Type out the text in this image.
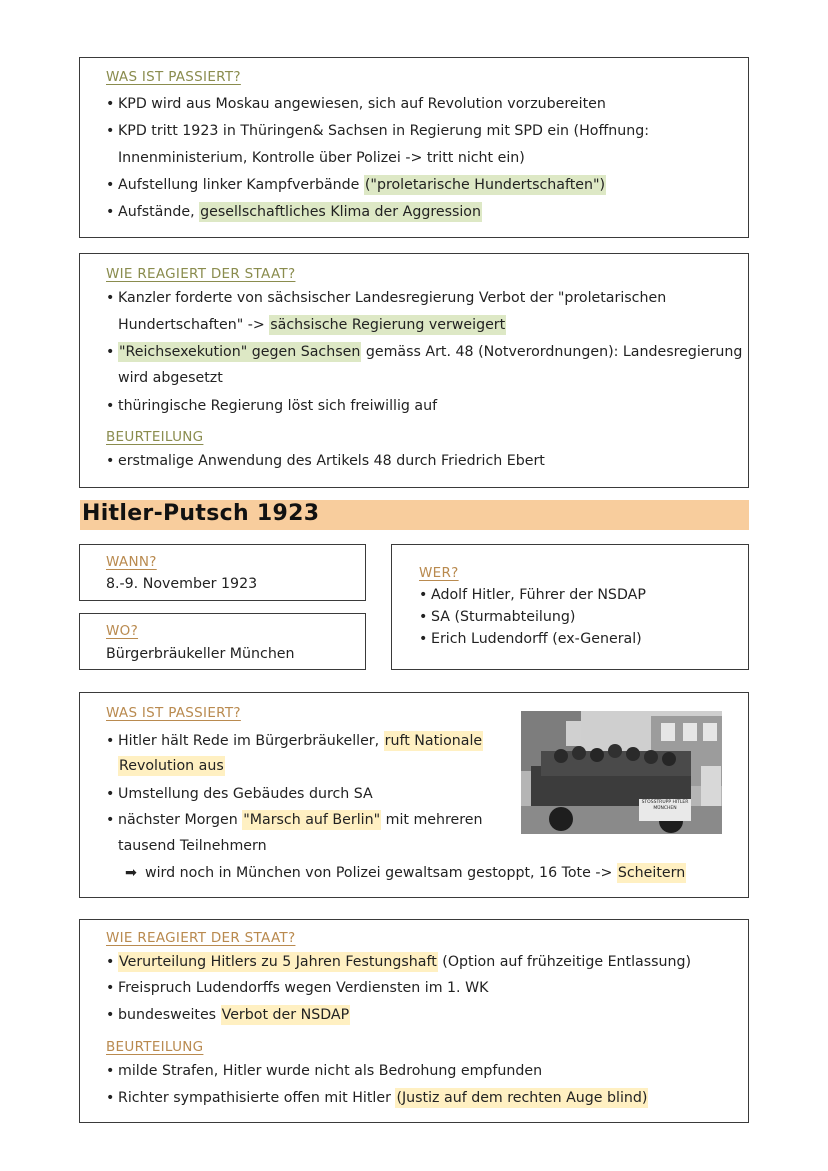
WAS IST PASSIERT?
• KPD wird aus Moskau angewiesen, sich auf Revolution vorzubereiten
• KPD tritt 1923 in Thüringen& Sachsen in Regierung mit SPD ein (Hoffnung:
Innenministerium, Kontrolle über Polizei -> tritt nicht ein)
• Aufstellung linker Kampfverbände ("proletarische Hundertschaften")
• Aufstände, gesellschaftliches Klima der Aggression
WIE REAGIERT DER STAAT?
• Kanzler forderte von sächsischer Landesregierung Verbot der "proletarischen
Hundertschaften" -> sächsische Regierung verweigert
• "Reichsexekution" gegen Sachsen gemäss Art. 48 (Notverordnungen): Landesregierung
wird abgesetzt
• thüringische Regierung löst sich freiwillig auf
BEURTEILUNG
• erstmalige Anwendung des Artikels 48 durch Friedrich Ebert
Hitler-Putsch 1923
WANN?
8.-9. November 1923
WO?
Bürgerbräukeller München
WER?
• Adolf Hitler, Führer der NSDAP
• SA (Sturmabteilung)
• Erich Ludendorff (ex-General)
WAS IST PASSIERT?
• Hitler hält Rede im Bürgerbräukeller, ruft Nationale
Revolution aus
• Umstellung des Gebäudes durch SA
• nächster Morgen "Marsch auf Berlin" mit mehreren
tausend Teilnehmern
➡ wird noch in München von Polizei gewaltsam gestoppt, 16 Tote -> Scheitern
STOSSTRUPP HITLER MÜNCHEN
WIE REAGIERT DER STAAT?
• Verurteilung Hitlers zu 5 Jahren Festungshaft (Option auf frühzeitige Entlassung)
• Freispruch Ludendorffs wegen Verdiensten im 1. WK
• bundesweites Verbot der NSDAP
BEURTEILUNG
• milde Strafen, Hitler wurde nicht als Bedrohung empfunden
• Richter sympathisierte offen mit Hitler (Justiz auf dem rechten Auge blind)
